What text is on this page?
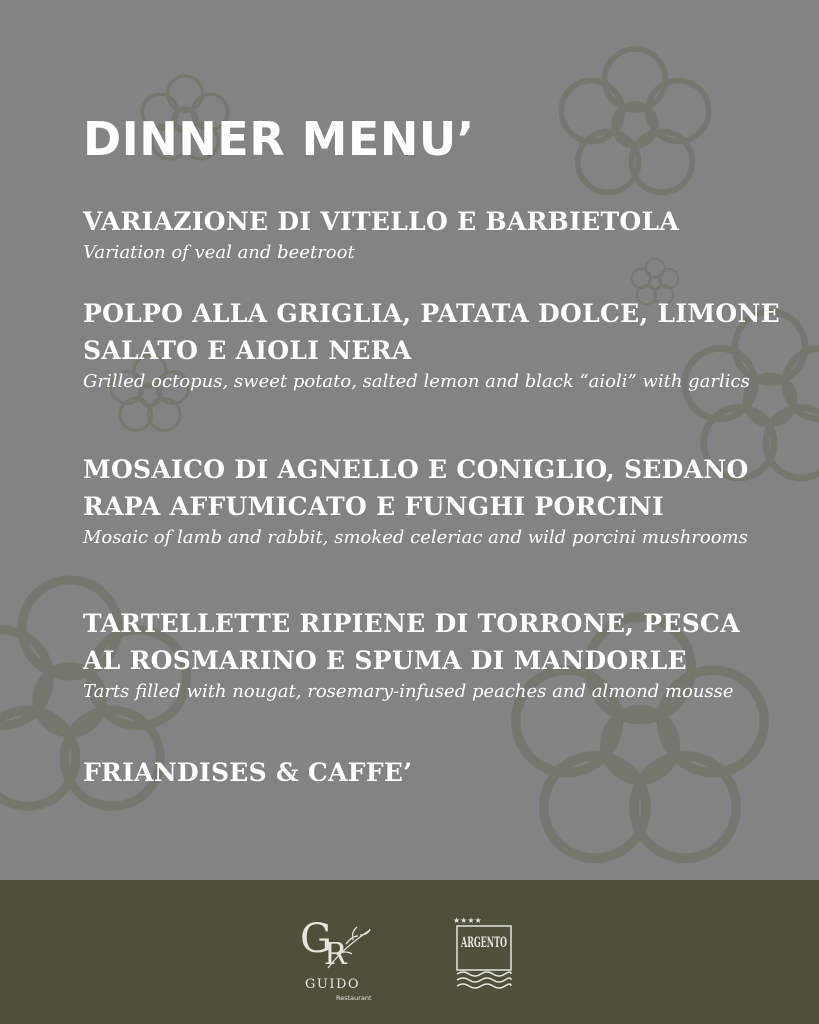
DINNER MENU’

VARIAZIONE DI VITELLO E BARBIETOLA

Variation of veal and beetroot

POLPO ALLA GRIGLIA, PATATA DOLCE, LIMONE SALATO E AIOLI NERA

Grilled octopus, sweet potato, salted lemon and black “aioli” with garlics

MOSAICO DI AGNELLO E CONIGLIO, SEDANO RAPA AFFUMICATO E FUNGHI PORCINI

Mosaic of lamb and rabbit, smoked celeriac and wild porcini mushrooms

TARTELLETTE RIPIENE DI TORRONE, PESCA AL ROSMARINO E SPUMA DI MANDORLE

Tarts filled with nougat, rosemary-infused peaches and almond mousse

FRIANDISES & CAFFE’

G
R
GUIDO
Restaurant
★★★★
ARGENTO
